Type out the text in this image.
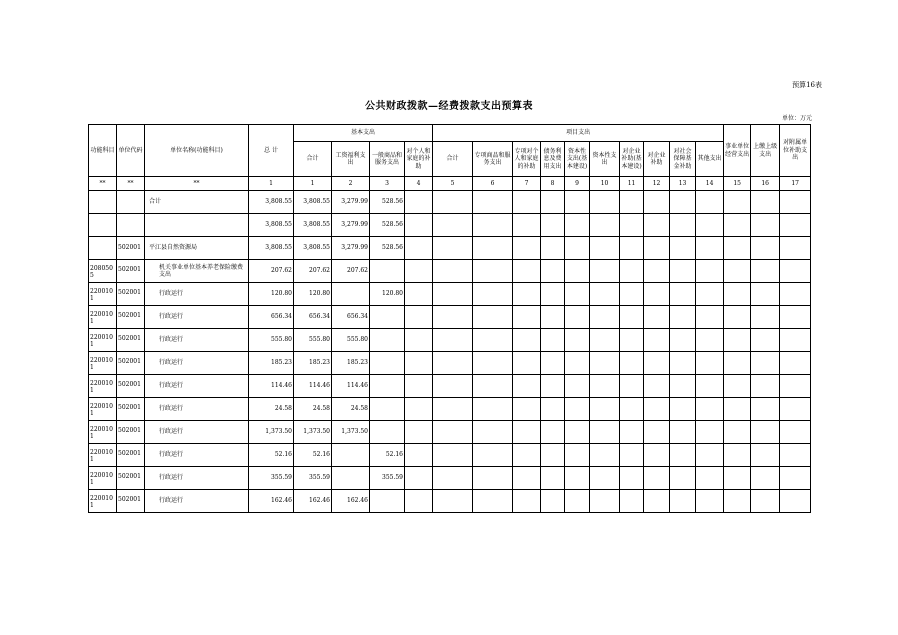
预算16表
公共财政拨款—经费拨款支出预算表
单位：万元
功能科目	单位代码	单位名称(功能科目)	总 计	基本支出				项目支出										事业单位经营支出	上缴上级支出	对附属单位补助支出
				合计	工资福利支出	一般商品和服务支出	对个人和家庭的补助	合计	专项商品和服务支出	专项对个人和家庭的补助	债务利息及费用支出	资本性支出(基本建设)	资本性支出	对企业补助(基本建设)	对企业补助	对社会保障基金补助	其他支出			
**	**	**	1	1	2	3	4	5	6	7	8	9	10	11	12	13	14	15	16	17
		合计	3,808.55	3,808.55	3,279.99	528.56														
			3,808.55	3,808.55	3,279.99	528.56														
	502001	平江县自然资源局	3,808.55	3,808.55	3,279.99	528.56														
2080505	502001	机关事业单位基本养老保险缴费支出	207.62	207.62	207.62															
2200101	502001	行政运行	120.80	120.80		120.80														
2200101	502001	行政运行	656.34	656.34	656.34															
2200101	502001	行政运行	555.80	555.80	555.80															
2200101	502001	行政运行	185.23	185.23	185.23															
2200101	502001	行政运行	114.46	114.46	114.46															
2200101	502001	行政运行	24.58	24.58	24.58															
2200101	502001	行政运行	1,373.50	1,373.50	1,373.50															
2200101	502001	行政运行	52.16	52.16		52.16														
2200101	502001	行政运行	355.59	355.59		355.59														
2200101	502001	行政运行	162.46	162.46	162.46															
